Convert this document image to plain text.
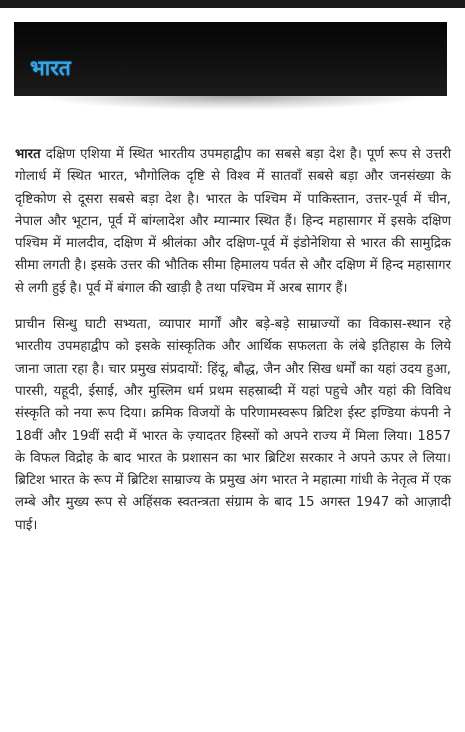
भारत

भारत दक्षिण एशिया में स्थित भारतीय उपमहाद्वीप का सबसे बड़ा देश है। पूर्ण रूप से उत्तरी गोलार्ध में स्थित भारत, भौगोलिक दृष्टि से विश्व में सातवाँ सबसे बड़ा और जनसंख्या के दृष्टिकोण से दूसरा सबसे बड़ा देश है। भारत के पश्चिम में पाकिस्तान, उत्तर-पूर्व में चीन, नेपाल और भूटान, पूर्व में बांग्लादेश और म्यान्मार स्थित हैं। हिन्द महासागर में इसके दक्षिण पश्चिम में मालदीव, दक्षिण में श्रीलंका और दक्षिण-पूर्व में इंडोनेशिया से भारत की सामुद्रिक सीमा लगती है। इसके उत्तर की भौतिक सीमा हिमालय पर्वत से और दक्षिण में हिन्द महासागर से लगी हुई है। पूर्व में बंगाल की खाड़ी है तथा पश्चिम में अरब सागर हैं।

प्राचीन सिन्धु घाटी सभ्यता, व्यापार मार्गों और बड़े-बड़े साम्राज्यों का विकास-स्थान रहे भारतीय उपमहाद्वीप को इसके सांस्कृतिक और आर्थिक सफलता के लंबे इतिहास के लिये जाना जाता रहा है। चार प्रमुख संप्रदायों: हिंदू, बौद्ध, जैन और सिख धर्मों का यहां उदय हुआ, पारसी, यहूदी, ईसाई, और मुस्लिम धर्म प्रथम सहस्राब्दी में यहां पहुचे और यहां की विविध संस्कृति को नया रूप दिया। क्रमिक विजयों के परिणामस्वरूप ब्रिटिश ईस्ट इण्डिया कंपनी ने 18वीं और 19वीं सदी में भारत के ज़्यादतर हिस्सों को अपने राज्य में मिला लिया। 1857 के विफल विद्रोह के बाद भारत के प्रशासन का भार ब्रिटिश सरकार ने अपने ऊपर ले लिया। ब्रिटिश भारत के रूप में ब्रिटिश साम्राज्य के प्रमुख अंग भारत ने महात्मा गांधी के नेतृत्व में एक लम्बे और मुख्य रूप से अहिंसक स्वतन्त्रता संग्राम के बाद 15 अगस्त 1947 को आज़ादी पाई।
